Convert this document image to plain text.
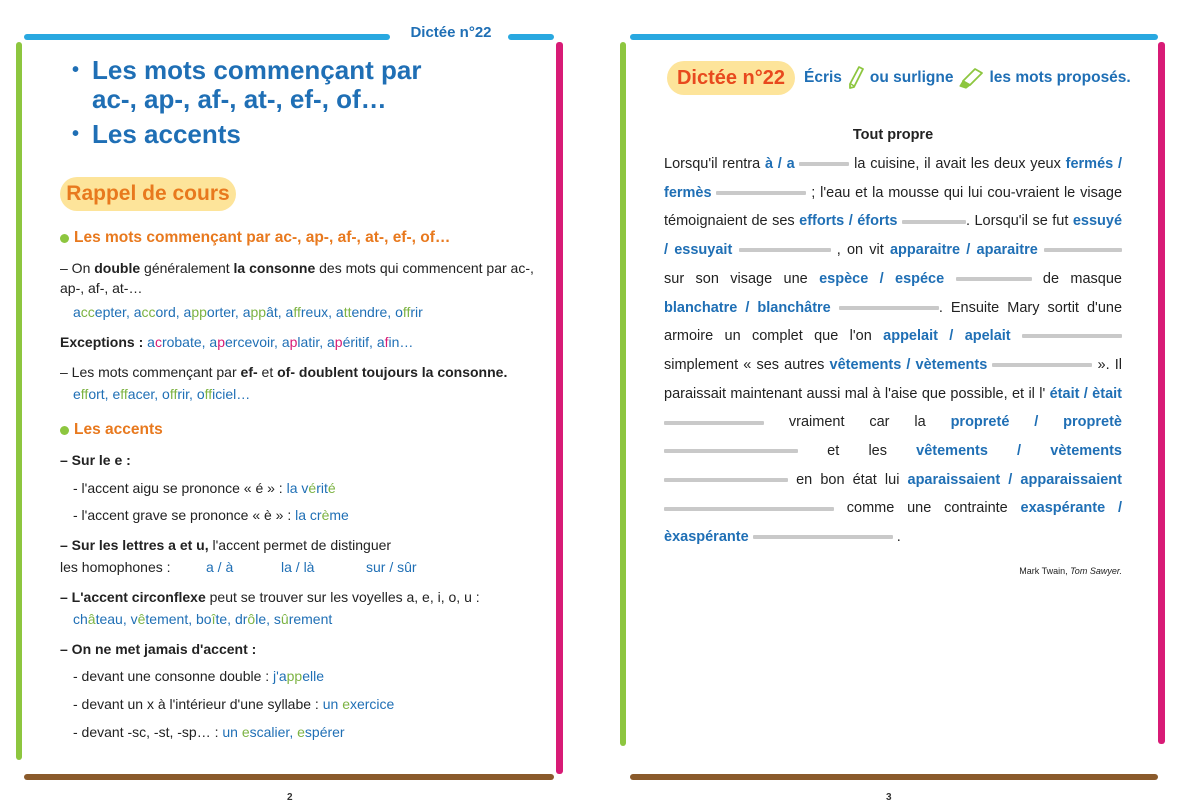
Dictée n°22
• Les mots commençant par
ac-, ap-, af-, at-, ef-, of…
• Les accents
Rappel de cours
Les mots commençant par ac-, ap-, af-, at-, ef-, of…
– On double généralement la consonne des mots qui commencent par ac-, ap-, af-, at-…
accepter, accord, apporter, appât, affreux, attendre, offrir
Exceptions : acrobate, apercevoir, aplatir, apéritif, afin…
– Les mots commençant par ef- et of- doublent toujours la consonne.
effort, effacer, offrir, officiel…
Les accents
– Sur le e :
- l'accent aigu se prononce « é » : la vérité
- l'accent grave se prononce « è » : la crème
– Sur les lettres a et u, l'accent permet de distinguer
les homophones :	a / à	la / là	sur / sûr
– L'accent circonflexe peut se trouver sur les voyelles a, e, i, o, u :
château, vêtement, boîte, drôle, sûrement
– On ne met jamais d'accent :
- devant une consonne double : j'appelle
- devant un x à l'intérieur d'une syllabe : un exercice
- devant -sc, -st, -sp… : un escalier, espérer
2
Dictée n°22	Écris ou surligne les mots proposés.
Tout propre
Lorsqu'il rentra à / a	la cuisine, il avait les deux yeux fermés / fermès	; l'eau et la mousse qui lui cou-vraient le visage témoignaient de ses efforts / éforts	. Lorsqu'il se fut essuyé / essuyait	, on vit apparaitre / aparaitre  sur son visage une espèce / espéce	de masque blanchatre / blanchâtre	. Ensuite Mary sortit d'une armoire un complet que l'on appelait / apelait  simplement « ses autres vêtements / vètements	». Il paraissait maintenant aussi mal à l'aise que possible, et il l' était / ètait  vraiment car la propreté / propretè  et les vêtements / vètements  en bon état lui aparaissaient / apparaissaient  comme une contrainte exaspérante / èxaspérante	.
Mark Twain, Tom Sawyer.
3
